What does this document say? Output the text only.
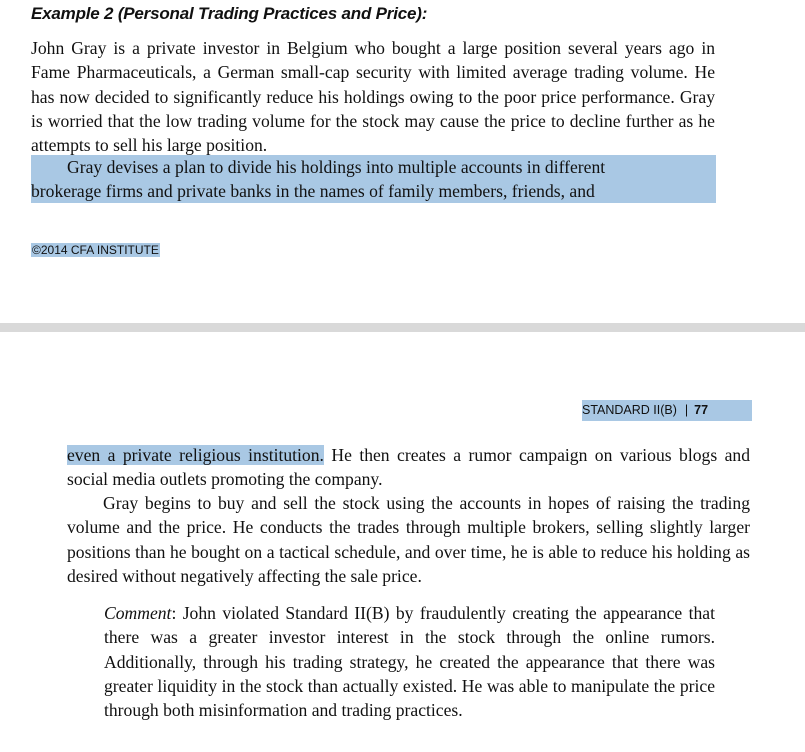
Example 2 (Personal Trading Practices and Price):

John Gray is a private investor in Belgium who bought a large position several years ago in Fame Pharmaceuticals, a German small-cap security with limited average trading volume. He has now decided to significantly reduce his holdings owing to the poor price performance. Gray is worried that the low trading volume for the stock may cause the price to decline further as he attempts to sell his large position.

Gray devises a plan to divide his holdings into multiple accounts in different

brokerage firms and private banks in the names of family members, friends, and

©2014 CFA INSTITUTE

STANDARD II(B) | 77

even a private religious institution. He then creates a rumor campaign on various blogs and social media outlets promoting the company.

Gray begins to buy and sell the stock using the accounts in hopes of raising the trading volume and the price. He conducts the trades through multiple brokers, selling slightly larger positions than he bought on a tactical schedule, and over time, he is able to reduce his holding as desired without negatively affecting the sale price.

Comment: John violated Standard II(B) by fraudulently creating the appearance that there was a greater investor interest in the stock through the online rumors. Additionally, through his trading strategy, he created the appearance that there was greater liquidity in the stock than actually existed. He was able to manipulate the price through both misinformation and trading practices.
